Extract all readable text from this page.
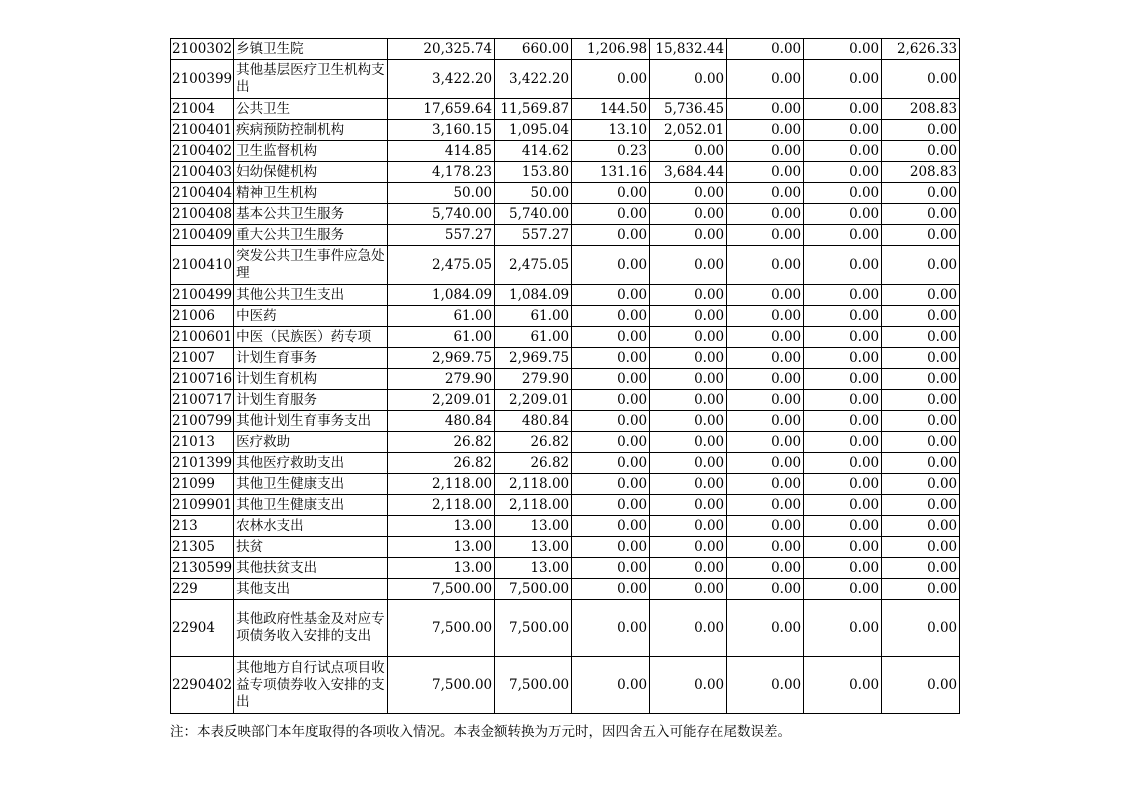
2100302	乡镇卫生院	20,325.74	660.00	1,206.98	15,832.44	0.00	0.00	2,626.33
2100399	其他基层医疗卫生机构支出	3,422.20	3,422.20	0.00	0.00	0.00	0.00	0.00
21004	公共卫生	17,659.64	11,569.87	144.50	5,736.45	0.00	0.00	208.83
2100401	疾病预防控制机构	3,160.15	1,095.04	13.10	2,052.01	0.00	0.00	0.00
2100402	卫生监督机构	414.85	414.62	0.23	0.00	0.00	0.00	0.00
2100403	妇幼保健机构	4,178.23	153.80	131.16	3,684.44	0.00	0.00	208.83
2100404	精神卫生机构	50.00	50.00	0.00	0.00	0.00	0.00	0.00
2100408	基本公共卫生服务	5,740.00	5,740.00	0.00	0.00	0.00	0.00	0.00
2100409	重大公共卫生服务	557.27	557.27	0.00	0.00	0.00	0.00	0.00
2100410	突发公共卫生事件应急处理	2,475.05	2,475.05	0.00	0.00	0.00	0.00	0.00
2100499	其他公共卫生支出	1,084.09	1,084.09	0.00	0.00	0.00	0.00	0.00
21006	中医药	61.00	61.00	0.00	0.00	0.00	0.00	0.00
2100601	中医（民族医）药专项	61.00	61.00	0.00	0.00	0.00	0.00	0.00
21007	计划生育事务	2,969.75	2,969.75	0.00	0.00	0.00	0.00	0.00
2100716	计划生育机构	279.90	279.90	0.00	0.00	0.00	0.00	0.00
2100717	计划生育服务	2,209.01	2,209.01	0.00	0.00	0.00	0.00	0.00
2100799	其他计划生育事务支出	480.84	480.84	0.00	0.00	0.00	0.00	0.00
21013	医疗救助	26.82	26.82	0.00	0.00	0.00	0.00	0.00
2101399	其他医疗救助支出	26.82	26.82	0.00	0.00	0.00	0.00	0.00
21099	其他卫生健康支出	2,118.00	2,118.00	0.00	0.00	0.00	0.00	0.00
2109901	其他卫生健康支出	2,118.00	2,118.00	0.00	0.00	0.00	0.00	0.00
213	农林水支出	13.00	13.00	0.00	0.00	0.00	0.00	0.00
21305	扶贫	13.00	13.00	0.00	0.00	0.00	0.00	0.00
2130599	其他扶贫支出	13.00	13.00	0.00	0.00	0.00	0.00	0.00
229	其他支出	7,500.00	7,500.00	0.00	0.00	0.00	0.00	0.00
22904	其他政府性基金及对应专项债务收入安排的支出	7,500.00	7,500.00	0.00	0.00	0.00	0.00	0.00
2290402	其他地方自行试点项目收益专项债券收入安排的支出	7,500.00	7,500.00	0.00	0.00	0.00	0.00	0.00
注：本表反映部门本年度取得的各项收入情况。本表金额转换为万元时，因四舍五入可能存在尾数误差。
